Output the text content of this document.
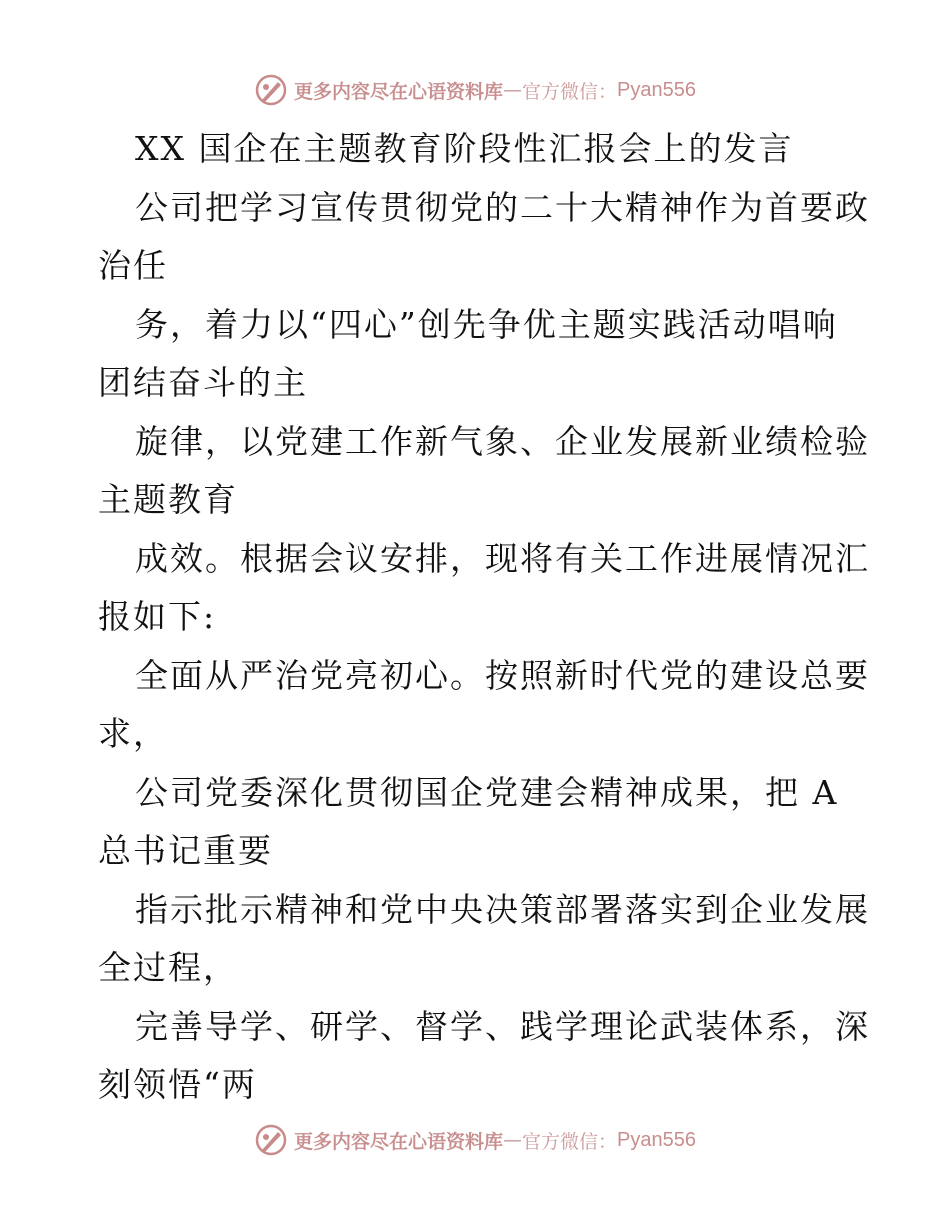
更多内容尽在心语资料库 — 官方微信： Pyan556
XX 国企在主题教育阶段性汇报会上的发言
公司把学习宣传贯彻党的二十大精神作为首要政
治任
务，着力以“四心”创先争优主题实践活动唱响
团结奋斗的主
旋律，以党建工作新气象、企业发展新业绩检验
主题教育
成效。根据会议安排，现将有关工作进展情况汇
报如下:
全面从严治党亮初心。按照新时代党的建设总要
求，
公司党委深化贯彻国企党建会精神成果，把 A
总书记重要
指示批示精神和党中央决策部署落实到企业发展
全过程，
完善导学、研学、督学、践学理论武装体系，深
刻领悟“两
更多内容尽在心语资料库 — 官方微信： Pyan556
